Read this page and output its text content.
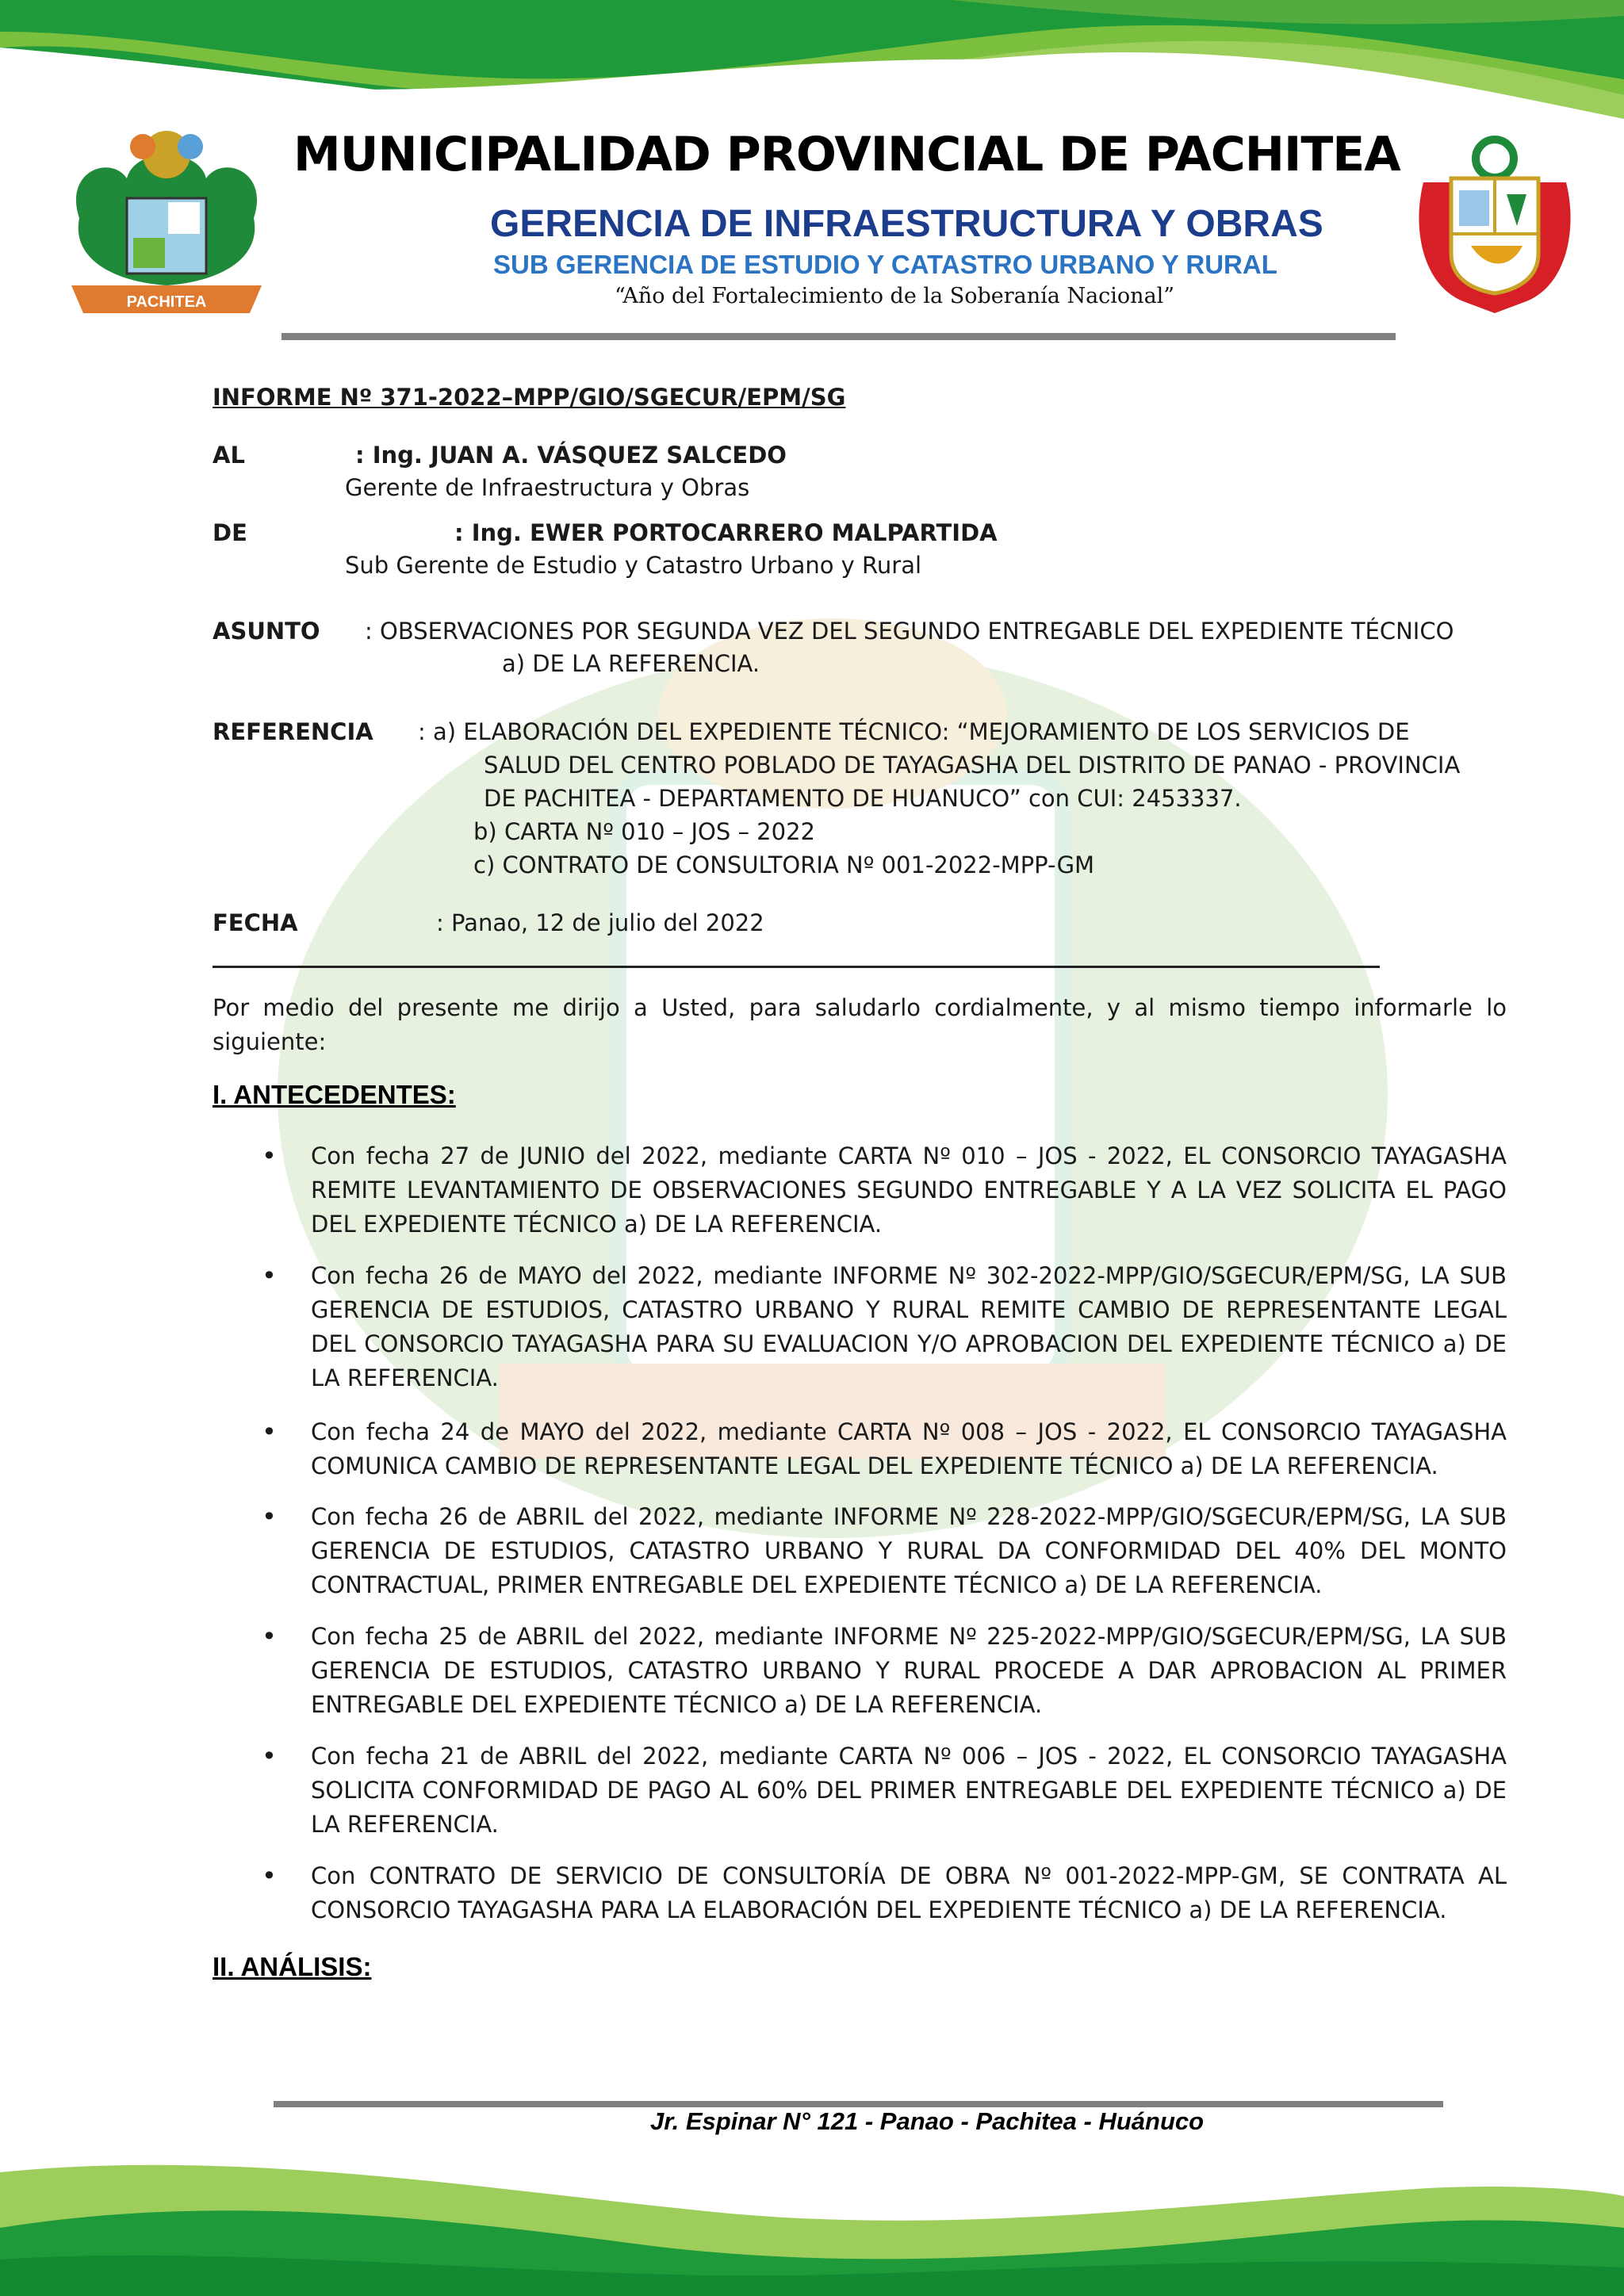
PACHITEA
MUNICIPALIDAD PROVINCIAL DE PACHITEA
GERENCIA DE INFRAESTRUCTURA Y OBRAS
SUB GERENCIA DE ESTUDIO Y CATASTRO URBANO Y RURAL
“Año del Fortalecimiento de la Soberanía Nacional”
INFORME Nº 371-2022–MPP/GIO/SGECUR/EPM/SG
AL	: Ing. JUAN A. VÁSQUEZ SALCEDO
Gerente de Infraestructura y Obras
DE	: Ing. EWER PORTOCARRERO MALPARTIDA
Sub Gerente de Estudio y Catastro Urbano y Rural
ASUNTO : OBSERVACIONES POR SEGUNDA VEZ DEL SEGUNDO ENTREGABLE DEL EXPEDIENTE TÉCNICO
a) DE LA REFERENCIA.
REFERENCIA : a) ELABORACIÓN DEL EXPEDIENTE TÉCNICO: “MEJORAMIENTO DE LOS SERVICIOS DE
SALUD DEL CENTRO POBLADO DE TAYAGASHA DEL DISTRITO DE PANAO - PROVINCIA
DE PACHITEA - DEPARTAMENTO DE HUANUCO” con CUI: 2453337.
b) CARTA Nº 010 – JOS – 2022
c) CONTRATO DE CONSULTORIA Nº 001-2022-MPP-GM
FECHA	: Panao, 12 de julio del 2022
Por medio del presente me dirijo a Usted, para saludarlo cordialmente, y al mismo tiempo informarle lo siguiente:
I. ANTECEDENTES:
• Con fecha 27 de JUNIO del 2022, mediante CARTA Nº 010 – JOS - 2022, EL CONSORCIO TAYAGASHA REMITE LEVANTAMIENTO DE OBSERVACIONES SEGUNDO ENTREGABLE Y A LA VEZ SOLICITA EL PAGO DEL EXPEDIENTE TÉCNICO a) DE LA REFERENCIA.
• Con fecha 26 de MAYO del 2022, mediante INFORME Nº 302-2022-MPP/GIO/SGECUR/EPM/SG, LA SUB GERENCIA DE ESTUDIOS, CATASTRO URBANO Y RURAL REMITE CAMBIO DE REPRESENTANTE LEGAL DEL CONSORCIO TAYAGASHA PARA SU EVALUACION Y/O APROBACION DEL EXPEDIENTE TÉCNICO a) DE LA REFERENCIA.
• Con fecha 24 de MAYO del 2022, mediante CARTA Nº 008 – JOS - 2022, EL CONSORCIO TAYAGASHA COMUNICA CAMBIO DE REPRESENTANTE LEGAL DEL EXPEDIENTE TÉCNICO a) DE LA REFERENCIA.
• Con fecha 26 de ABRIL del 2022, mediante INFORME Nº 228-2022-MPP/GIO/SGECUR/EPM/SG, LA SUB GERENCIA DE ESTUDIOS, CATASTRO URBANO Y RURAL DA CONFORMIDAD DEL 40% DEL MONTO CONTRACTUAL, PRIMER ENTREGABLE DEL EXPEDIENTE TÉCNICO a) DE LA REFERENCIA.
• Con fecha 25 de ABRIL del 2022, mediante INFORME Nº 225-2022-MPP/GIO/SGECUR/EPM/SG, LA SUB GERENCIA DE ESTUDIOS, CATASTRO URBANO Y RURAL PROCEDE A DAR APROBACION AL PRIMER ENTREGABLE DEL EXPEDIENTE TÉCNICO a) DE LA REFERENCIA.
• Con fecha 21 de ABRIL del 2022, mediante CARTA Nº 006 – JOS - 2022, EL CONSORCIO TAYAGASHA SOLICITA CONFORMIDAD DE PAGO AL 60% DEL PRIMER ENTREGABLE DEL EXPEDIENTE TÉCNICO a) DE LA REFERENCIA.
• Con CONTRATO DE SERVICIO DE CONSULTORÍA DE OBRA Nº 001-2022-MPP-GM, SE CONTRATA AL CONSORCIO TAYAGASHA PARA LA ELABORACIÓN DEL EXPEDIENTE TÉCNICO a) DE LA REFERENCIA.
II. ANÁLISIS:
Jr. Espinar N° 121 - Panao - Pachitea - Huánuco
